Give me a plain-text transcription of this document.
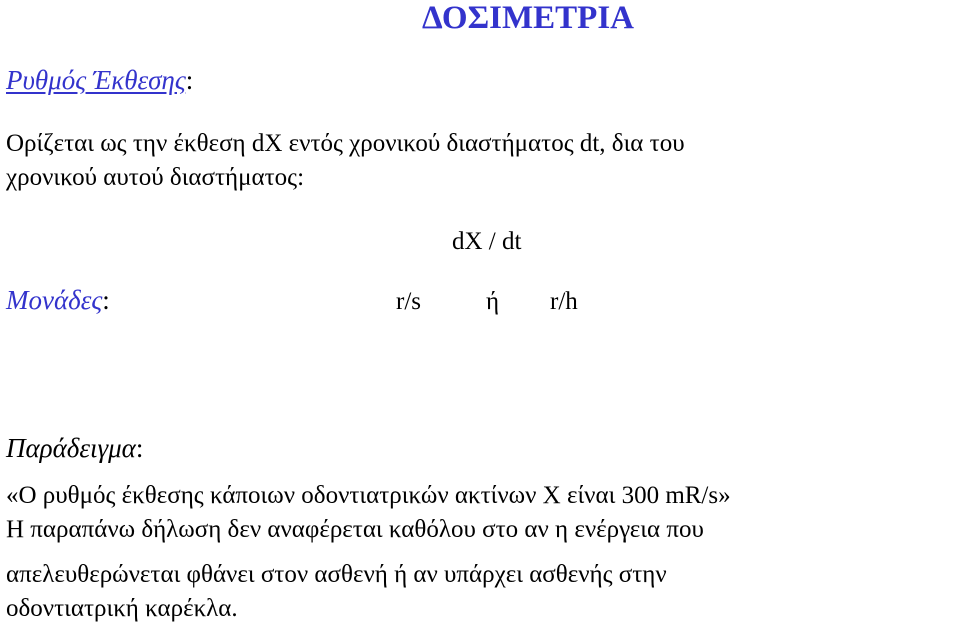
ΔΟΣΙΜΕΤΡΙΑ
Ρυθμός Έκθεσης:
Ορίζεται ως την έκθεση dX εντός χρονικού διαστήματος dt, δια του
χρονικού αυτού διαστήματος:
dX / dt
Μονάδες:	r/s	ή r/h
Παράδειγμα:
«Ο ρυθμός έκθεσης κάποιων οδοντιατρικών ακτίνων Χ είναι 300 mR/s»
Η παραπάνω δήλωση δεν αναφέρεται καθόλου στο αν η ενέργεια που
απελευθερώνεται φθάνει στον ασθενή ή αν υπάρχει ασθενής στην
οδοντιατρική καρέκλα.
